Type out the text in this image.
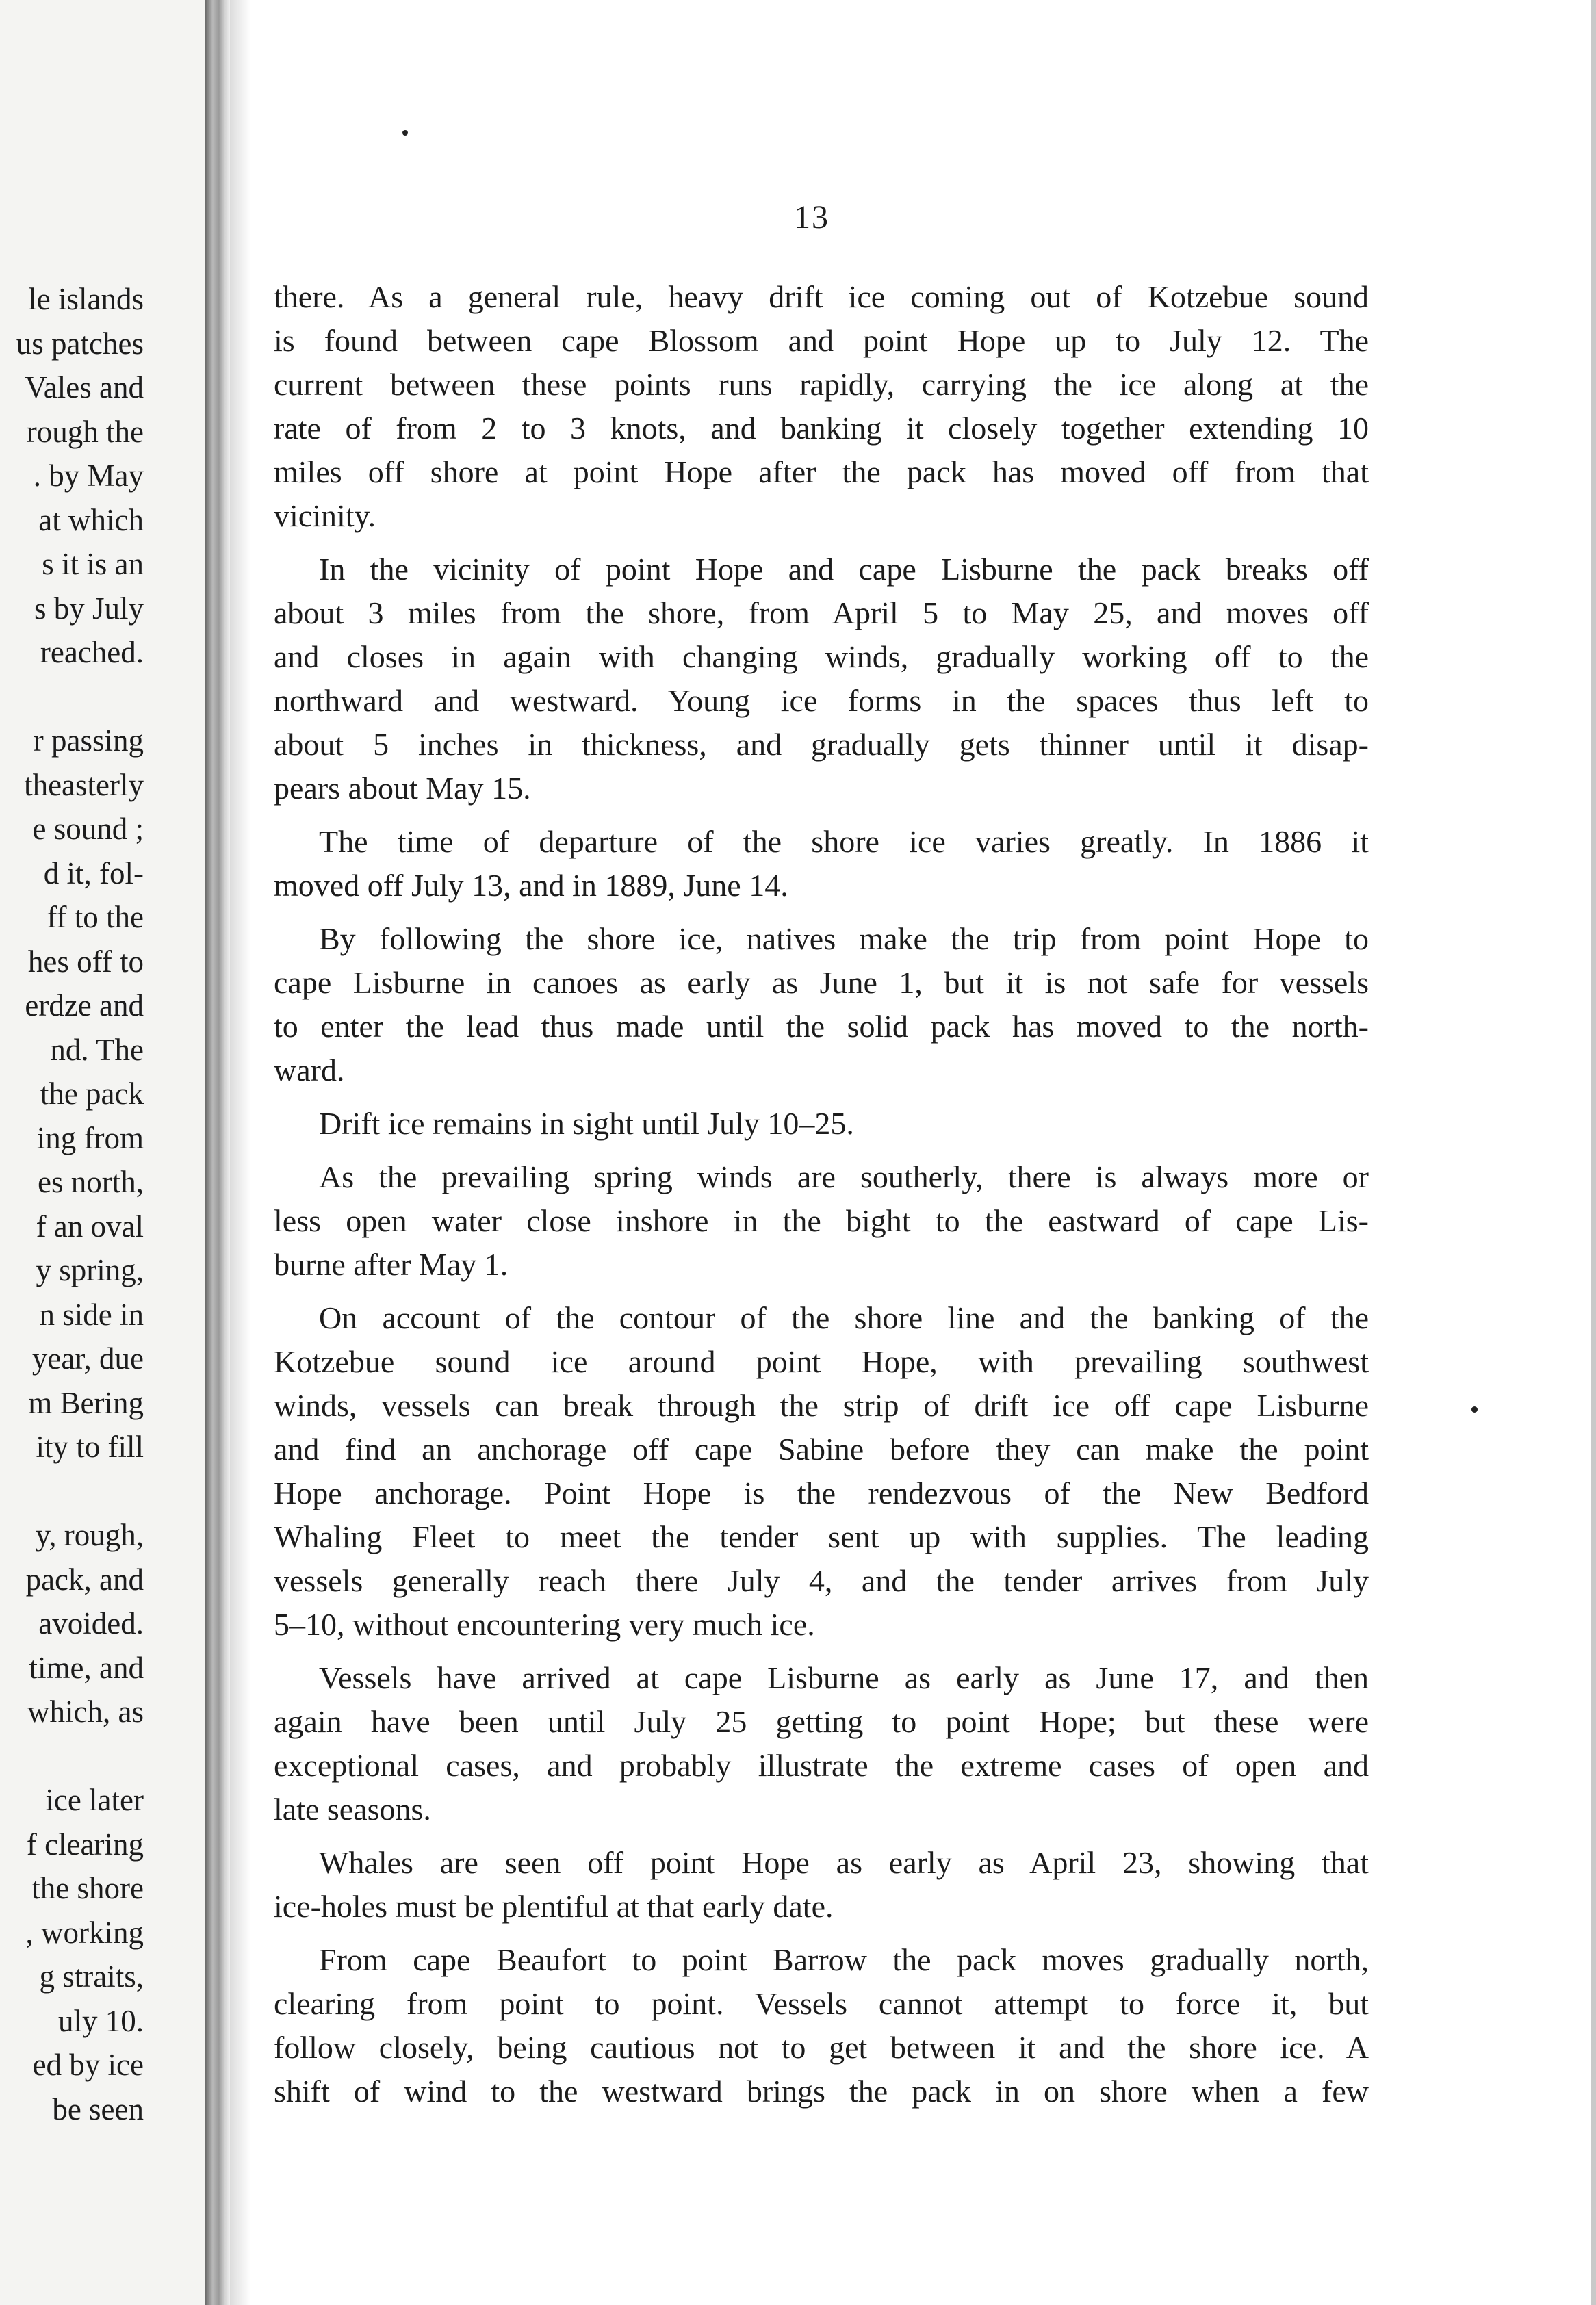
le islands
us patches
Vales and
rough the
. by May
at which
s it is an
s by July
reached.
r passing
theasterly
e sound ;
d it, fol-
ff to the
hes off to
erdze and
nd. The
the pack
ing from
es north,
f an oval
y spring,
n side in
year, due
m Bering
ity to fill
y, rough,
pack, and
avoided.
time, and
which, as
ice later
f clearing
the shore
, working
g straits,
uly 10.
ed by ice
be seen
13
there. As a general rule, heavy drift ice coming out of Kotzebue sound
is found between cape Blossom and point Hope up to July 12. The
current between these points runs rapidly, carrying the ice along at the
rate of from 2 to 3 knots, and banking it closely together extending 10
miles off shore at point Hope after the pack has moved off from that
vicinity.
In the vicinity of point Hope and cape Lisburne the pack breaks off
about 3 miles from the shore, from April 5 to May 25, and moves off
and closes in again with changing winds, gradually working off to the
northward and westward. Young ice forms in the spaces thus left to
about 5 inches in thickness, and gradually gets thinner until it disap-
pears about May 15.
The time of departure of the shore ice varies greatly. In 1886 it
moved off July 13, and in 1889, June 14.
By following the shore ice, natives make the trip from point Hope to
cape Lisburne in canoes as early as June 1, but it is not safe for vessels
to enter the lead thus made until the solid pack has moved to the north-
ward.
Drift ice remains in sight until July 10–25.
As the prevailing spring winds are southerly, there is always more or
less open water close inshore in the bight to the eastward of cape Lis-
burne after May 1.
On account of the contour of the shore line and the banking of the
Kotzebue sound ice around point Hope, with prevailing southwest
winds, vessels can break through the strip of drift ice off cape Lisburne
and find an anchorage off cape Sabine before they can make the point
Hope anchorage. Point Hope is the rendezvous of the New Bedford
Whaling Fleet to meet the tender sent up with supplies. The leading
vessels generally reach there July 4, and the tender arrives from July
5–10, without encountering very much ice.
Vessels have arrived at cape Lisburne as early as June 17, and then
again have been until July 25 getting to point Hope; but these were
exceptional cases, and probably illustrate the extreme cases of open and
late seasons.
Whales are seen off point Hope as early as April 23, showing that
ice-holes must be plentiful at that early date.
From cape Beaufort to point Barrow the pack moves gradually north,
clearing from point to point. Vessels cannot attempt to force it, but
follow closely, being cautious not to get between it and the shore ice. A
shift of wind to the westward brings the pack in on shore when a few
